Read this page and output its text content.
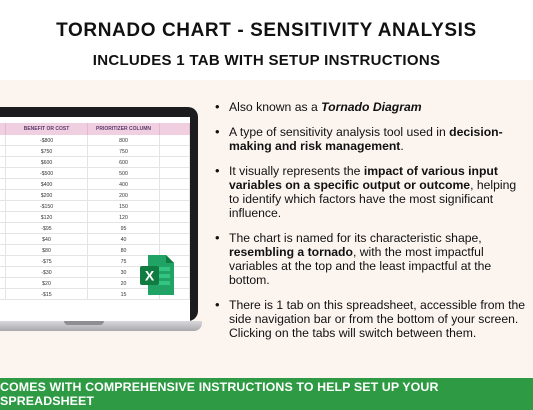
TORNADO CHART - SENSITIVITY ANALYSIS
INCLUDES 1 TAB WITH SETUP INSTRUCTIONS
BENEFIT OR COST	PRIORITIZER COLUMN
-$800	800
$750	750
$600	600
-$500	500
$400	400
$200	200
-$150	150
$120	120
-$95	95
$40	40
$80	80
-$75	75
-$30	30
$20	20
-$15	15
X
• Also known as a Tornado Diagram
• A type of sensitivity analysis tool used in decision-making and risk management.
• It visually represents the impact of various input variables on a specific output or outcome, helping to identify which factors have the most significant influence.
• The chart is named for its characteristic shape, resembling a tornado, with the most impactful variables at the top and the least impactful at the bottom.
• There is 1 tab on this spreadsheet, accessible from the side navigation bar or from the bottom of your screen. Clicking on the tabs will switch between them.
COMES WITH COMPREHENSIVE INSTRUCTIONS TO HELP SET UP YOUR SPREADSHEET
